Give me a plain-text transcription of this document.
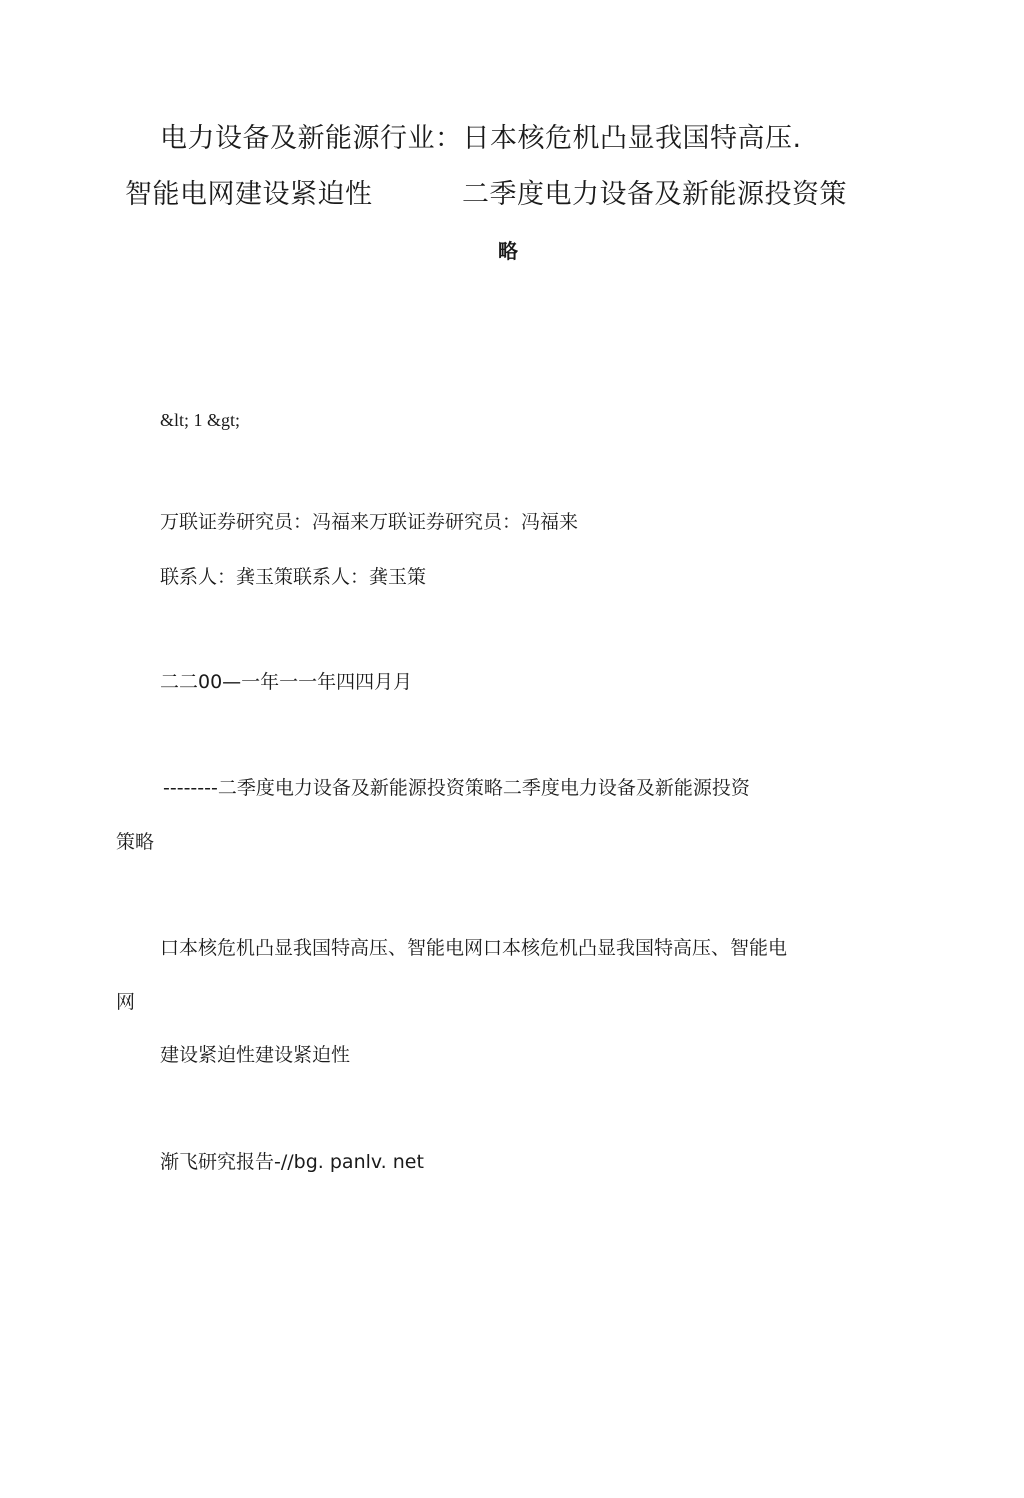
电力设备及新能源行业：日本核危机凸显我国特高压.
智能电网建设紧迫性	二季度电力设备及新能源投资策
略
&lt; 1 &gt;
万联证券研究员：冯福来万联证券研究员：冯福来
联系人：龚玉策联系人：龚玉策
二二00—一年一一年四四月月
--------二季度电力设备及新能源投资策略二季度电力设备及新能源投资
策略
口本核危机凸显我国特高压、智能电网口本核危机凸显我国特高压、智能电
网
建设紧迫性建设紧迫性
渐飞研究报告-//bg. panlv. net
